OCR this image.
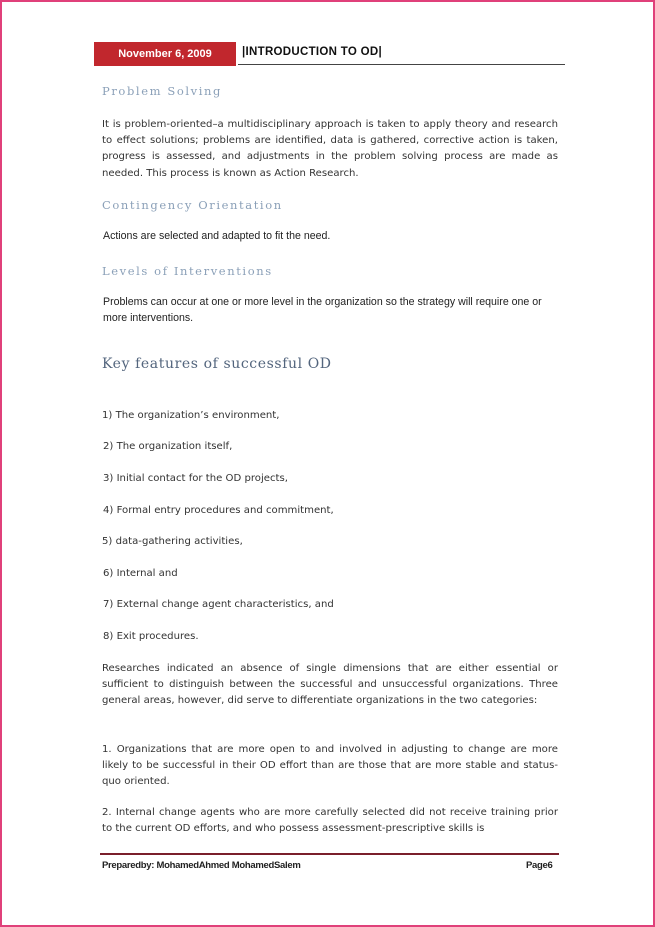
November 6, 2009	|INTRODUCTION TO OD|
Problem Solving

It is problem-oriented–a multidisciplinary approach is taken to apply theory and research to effect solutions; problems are identified, data is gathered, corrective action is taken, progress is assessed, and adjustments in the problem solving process are made as needed. This process is known as Action Research.

Contingency Orientation

Actions are selected and adapted to fit the need.

Levels of Interventions

Problems can occur at one or more level in the organization so the strategy will require one or more interventions.

Key features of successful OD
1) The organization’s environment,
2) The organization itself,
3) Initial contact for the OD projects,
4) Formal entry procedures and commitment,
5) data-gathering activities,
6) Internal and
7) External change agent characteristics, and
8) Exit procedures.

Researches indicated an absence of single dimensions that are either essential or sufficient to distinguish between the successful and unsuccessful organizations. Three general areas, however, did serve to differentiate organizations in the two categories:

1. Organizations that are more open to and involved in adjusting to change are more likely to be successful in their OD effort than are those that are more stable and status-quo oriented.

2. Internal change agents who are more carefully selected did not receive training prior to the current OD efforts, and who possess assessment-prescriptive skills is

Preparedby: MohamedAhmed MohamedSalem	Page6
